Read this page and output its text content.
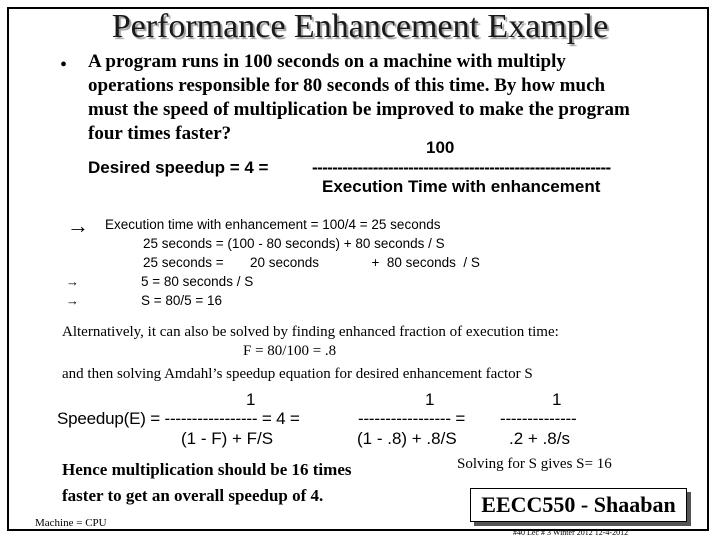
Performance Enhancement Example
• A program runs in 100 seconds on a machine with multiply
operations responsible for 80 seconds of this time. By how much
must the speed of multiplication be improved to make the program
four times faster?
Desired speedup = 4 =
100
-----------------------------------------------------------
Execution Time with enhancement
→ Execution time with enhancement = 100/4 = 25 seconds
25 seconds = (100 - 80 seconds) + 80 seconds / S
25 seconds =       20 seconds              +  80 seconds  / S
→	5 = 80 seconds / S
→	S = 80/5 = 16
Alternatively, it can also be solved by finding enhanced fraction of execution time:
F = 80/100 = .8
and then solving Amdahl’s speedup equation for desired enhancement factor S
1	1	1
Speedup(E) = ----------------- = 4 =	----------------- = --------------
(1 - F) + F/S	(1 - .8) + .8/S	.2 + .8/s
Hence multiplication should be 16 times
faster to get an overall speedup of 4.
Solving for S gives S= 16
EECC550 - Shaaban
Machine = CPU
#40 Lec # 3 Winter 2012 12-4-2012
